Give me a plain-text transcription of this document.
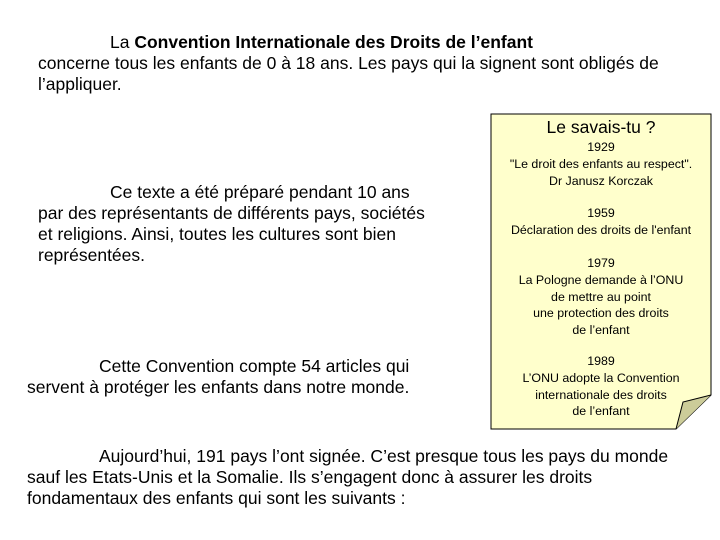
La Convention Internationale des Droits de l’enfant
concerne tous les enfants de 0 à 18 ans. Les pays qui la signent sont obligés de l’appliquer.

Ce texte a été préparé pendant 10 ans par des représentants de différents pays, sociétés et religions. Ainsi, toutes les cultures sont bien représentées.

Cette Convention compte 54 articles qui servent à protéger les enfants dans notre monde.

Aujourd’hui, 191 pays l’ont signée. C’est presque tous les pays du monde sauf les Etats-Unis et la Somalie. Ils s’engagent donc à assurer les droits fondamentaux des enfants qui sont les suivants :

Le savais-tu ?
1929
"Le droit des enfants au respect".
Dr Janusz Korczak
1959
Déclaration des droits de l'enfant
1979
La Pologne demande à l’ONU
de mettre au point
une protection des droits
de l’enfant
1989
L’ONU adopte la Convention
internationale des droits
de l’enfant
